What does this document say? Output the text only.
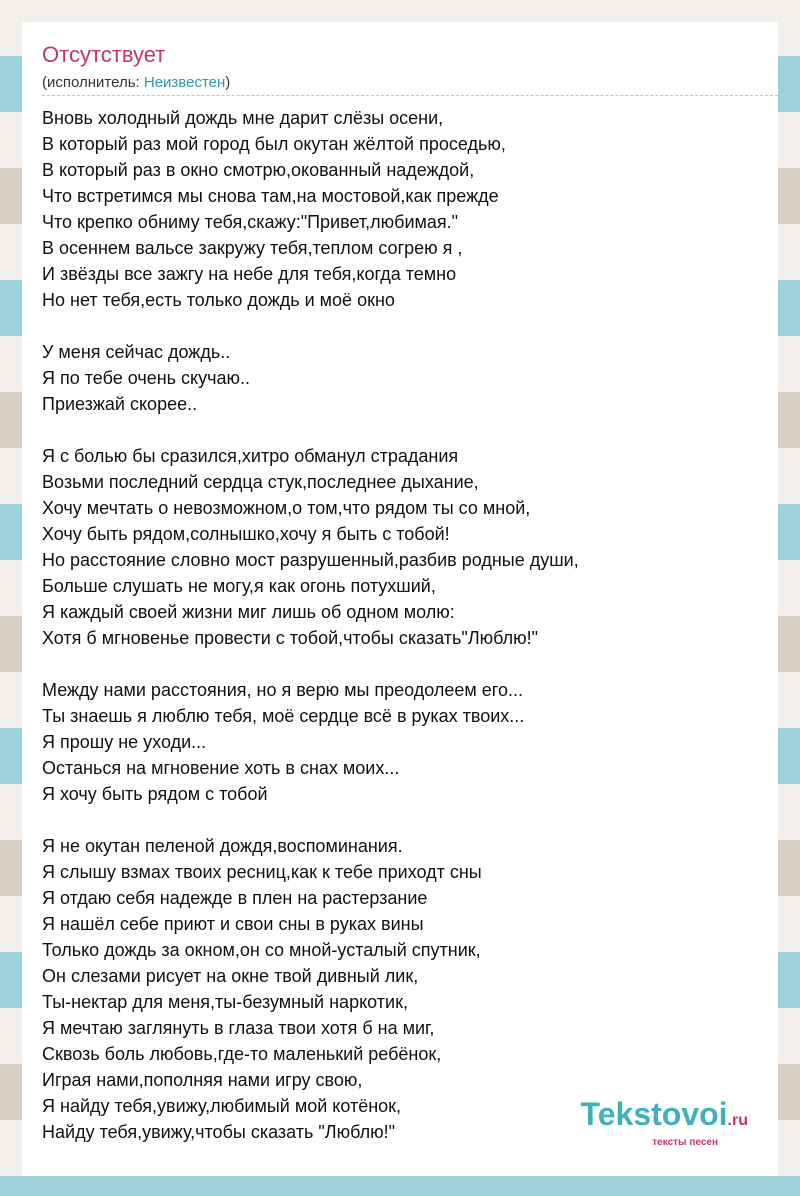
Отсутствует
(исполнитель: Неизвестен)
Вновь холодный дождь мне дарит слёзы осени,
В который раз мой город был окутан жёлтой проседью,
В который раз в окно смотрю,окованный надеждой,
Что встретимся мы снова там,на мостовой,как прежде
Что крепко обниму тебя,скажу:"Привет,любимая."
В осеннем вальсе закружу тебя,теплом согрею я ,
И звёзды все зажгу на небе для тебя,когда темно
Но нет тебя,есть только дождь и моё окно
У меня сейчас дождь..
Я по тебе очень скучаю..
Приезжай скорее..
Я с болью бы сразился,хитро обманул страдания
Возьми последний сердца стук,последнее дыхание,
Хочу мечтать о невозможном,о том,что рядом ты со мной,
Хочу быть рядом,солнышко,хочу я быть с тобой!
Но расстояние словно мост разрушенный,разбив родные души,
Больше слушать не могу,я как огонь потухший,
Я каждый своей жизни миг лишь об одном молю:
Хотя б мгновенье провести с тобой,чтобы сказать"Люблю!"
Между нами расстояния, но я верю мы преодолеем его...
Ты знаешь я люблю тебя, моё сердце всё в руках твоих...
Я прошу не уходи...
Останься на мгновение хоть в снах моих...
Я хочу быть рядом с тобой
Я не окутан пеленой дождя,воспоминания.
Я слышу взмах твоих ресниц,как к тебе приходт сны
Я отдаю себя надежде в плен на растерзание
Я нашёл себе приют и свои сны в руках вины
Только дождь за окном,он со мной-усталый спутник,
Он слезами рисует на окне твой дивный лик,
Ты-нектар для меня,ты-безумный наркотик,
Я мечтаю заглянуть в глаза твои хотя б на миг,
Сквозь боль любовь,где-то маленький ребёнок,
Играя нами,пополняя нами игру свою,
Я найду тебя,увижу,любимый мой котёнок,
Найду тебя,увижу,чтобы сказать "Люблю!"	Tekstovoi.ru
тексты песен
